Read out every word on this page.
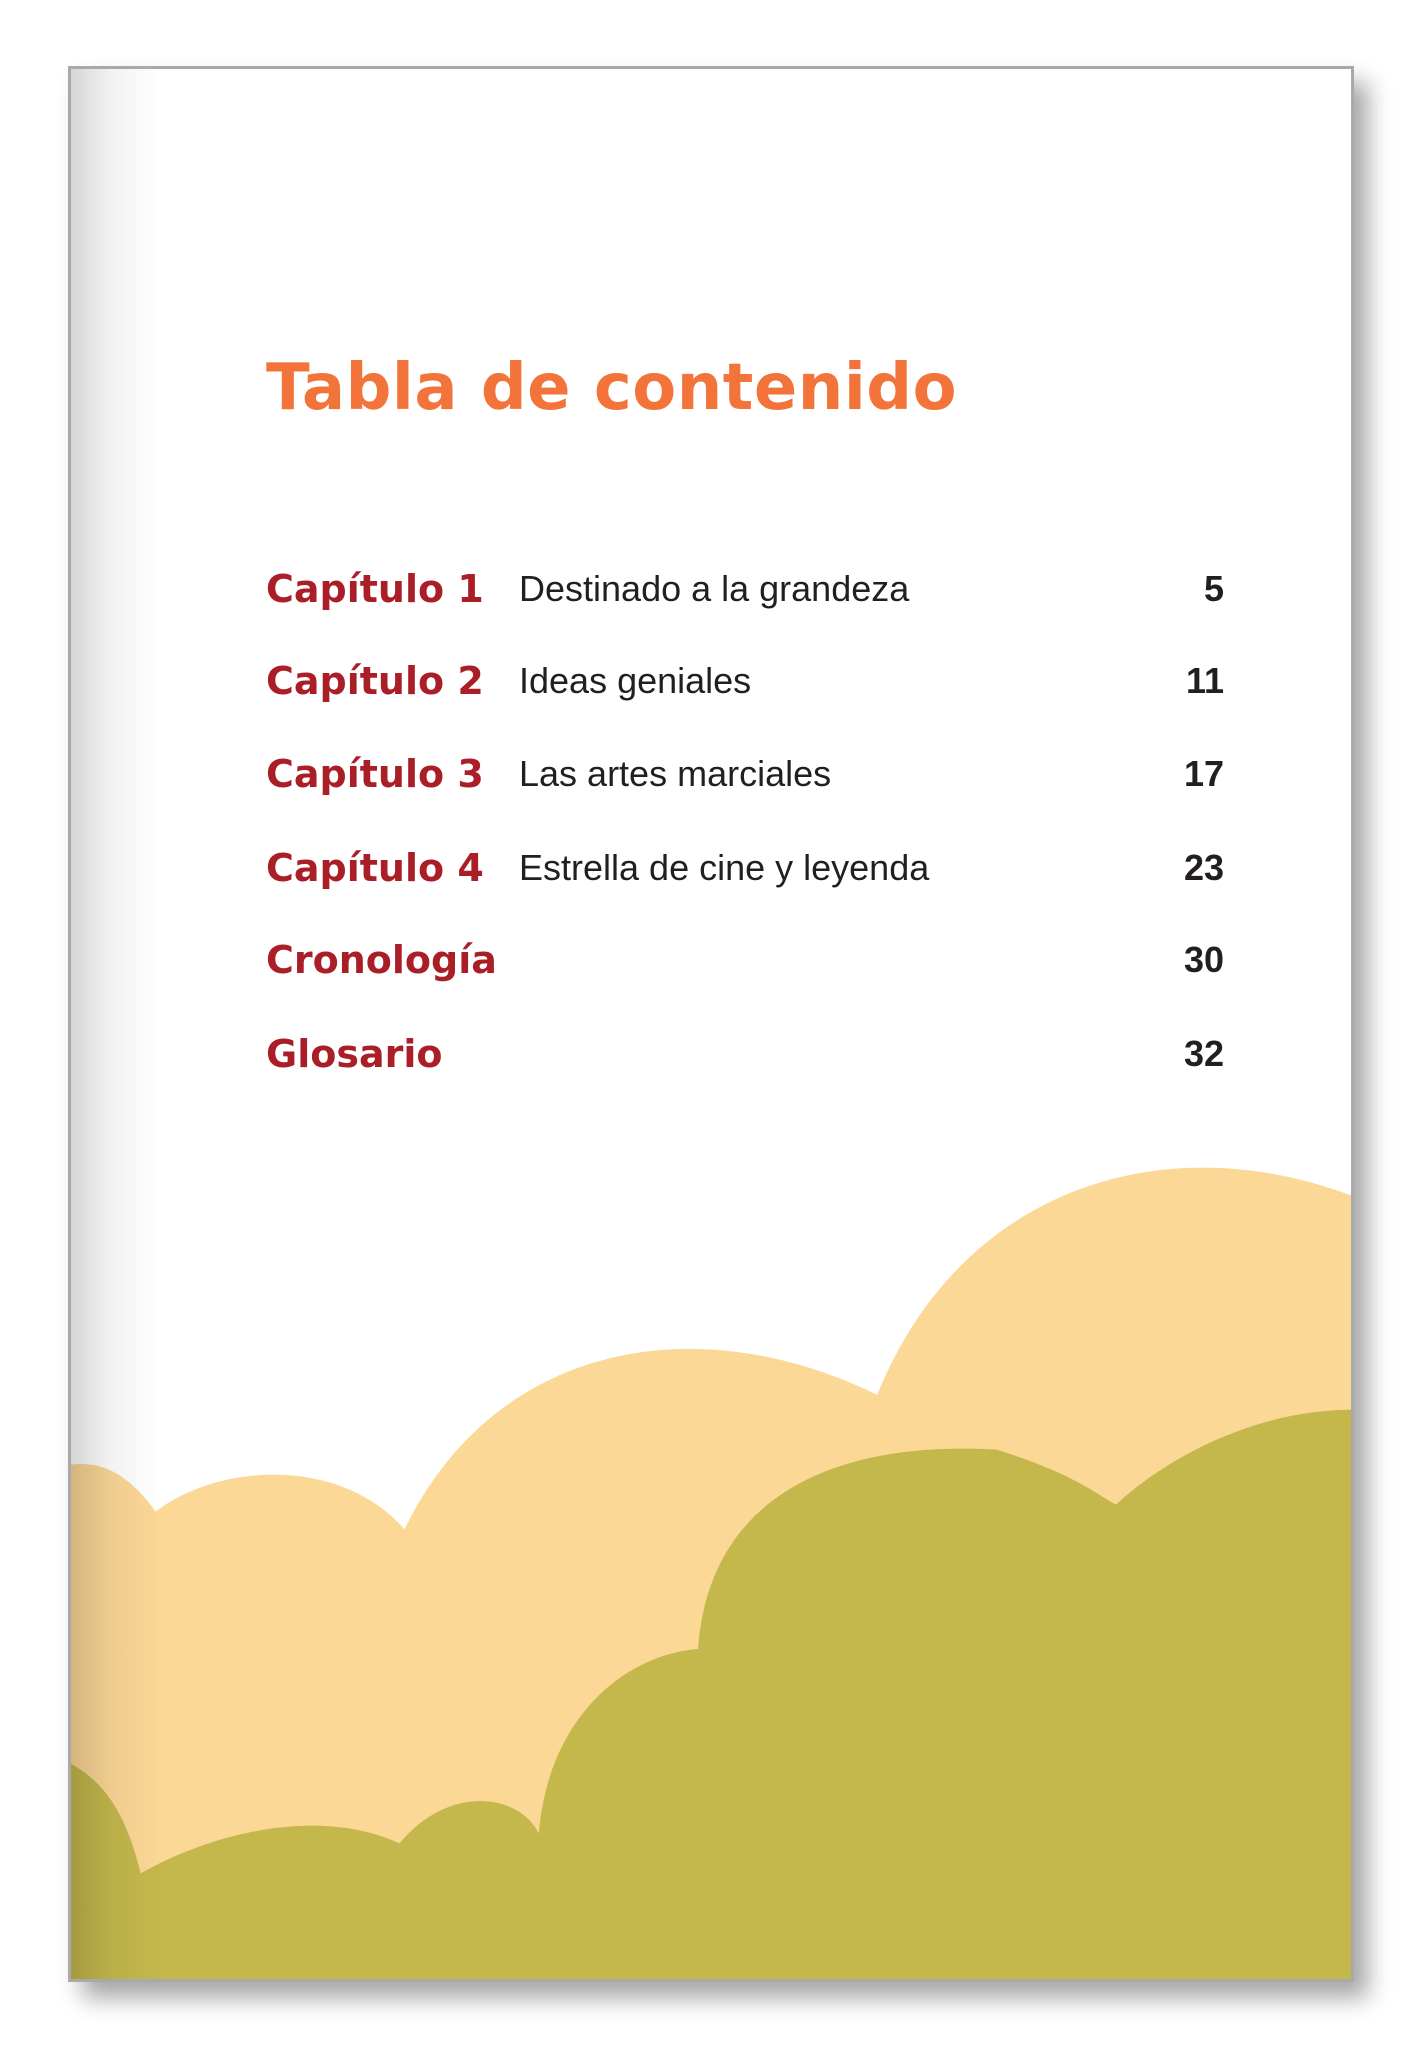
Tabla de contenido
Capítulo 1 Destinado a la grandeza	5
Capítulo 2 Ideas geniales	11
Capítulo 3 Las artes marciales	17
Capítulo 4 Estrella de cine y leyenda	23
Cronología	30
Glosario	32
